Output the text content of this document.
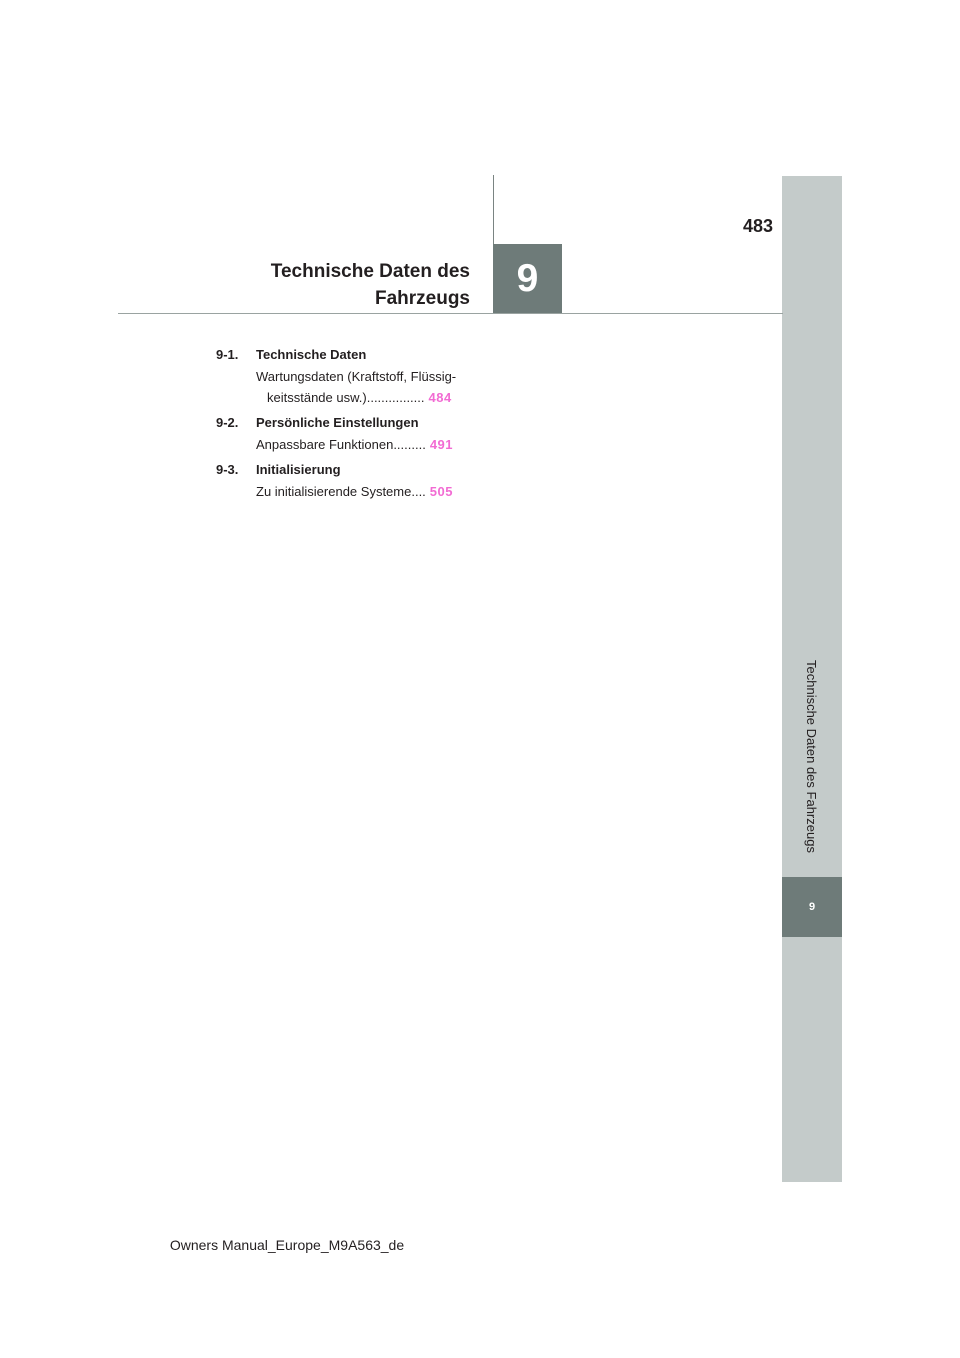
9
Technische Daten des
Fahrzeugs
483
Technische Daten des Fahrzeugs
9
9-1.	Technische Daten
Wartungsdaten (Kraftstoff, Flüssig-
keitsstände usw.)................ 484
9-2.	Persönliche Einstellungen
Anpassbare Funktionen......... 491
9-3.	Initialisierung
Zu initialisierende Systeme.... 505
Owners Manual_Europe_M9A563_de
